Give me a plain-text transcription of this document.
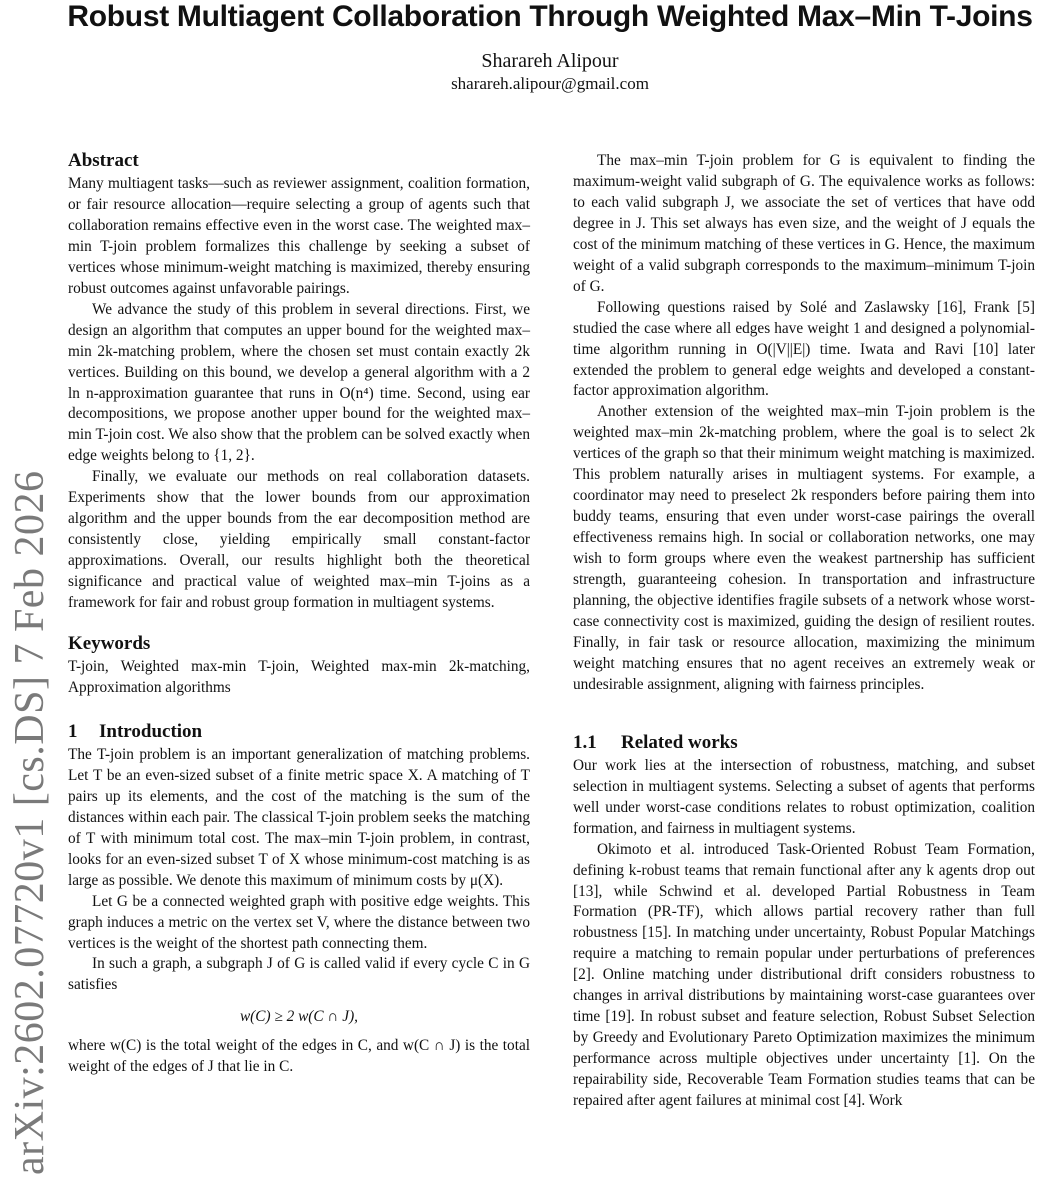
arXiv:2602.07720v1 [cs.DS] 7 Feb 2026
Robust Multiagent Collaboration Through Weighted Max–Min T-Joins
Sharareh Alipour
sharareh.alipour@gmail.com
Abstract

Many multiagent tasks—such as reviewer assignment, coalition formation, or fair resource allocation—require selecting a group of agents such that collaboration remains effective even in the worst case. The weighted max–min T-join problem formalizes this challenge by seeking a subset of vertices whose minimum-weight matching is maximized, thereby ensuring robust outcomes against unfavorable pairings.

We advance the study of this problem in several directions. First, we design an algorithm that computes an upper bound for the weighted max–min 2k-matching problem, where the chosen set must contain exactly 2k vertices. Building on this bound, we develop a general algorithm with a 2 ln n-approximation guarantee that runs in O(n⁴) time. Second, using ear decompositions, we propose another upper bound for the weighted max–min T-join cost. We also show that the problem can be solved exactly when edge weights belong to {1, 2}.

Finally, we evaluate our methods on real collaboration datasets. Experiments show that the lower bounds from our approximation algorithm and the upper bounds from the ear decomposition method are consistently close, yielding empirically small constant-factor approximations. Overall, our results highlight both the theoretical significance and practical value of weighted max–min T-joins as a framework for fair and robust group formation in multiagent systems.

Keywords

T-join, Weighted max-min T-join, Weighted max-min 2k-matching, Approximation algorithms

1 Introduction

The T-join problem is an important generalization of matching problems. Let T be an even-sized subset of a finite metric space X. A matching of T pairs up its elements, and the cost of the matching is the sum of the distances within each pair. The classical T-join problem seeks the matching of T with minimum total cost. The max–min T-join problem, in contrast, looks for an even-sized subset T of X whose minimum-cost matching is as large as possible. We denote this maximum of minimum costs by μ(X).

Let G be a connected weighted graph with positive edge weights. This graph induces a metric on the vertex set V, where the distance between two vertices is the weight of the shortest path connecting them.

In such a graph, a subgraph J of G is called valid if every cycle C in G satisfies

w(C) ≥ 2 w(C ∩ J),

where w(C) is the total weight of the edges in C, and w(C ∩ J) is the total weight of the edges of J that lie in C.

The max–min T-join problem for G is equivalent to finding the maximum-weight valid subgraph of G. The equivalence works as follows: to each valid subgraph J, we associate the set of vertices that have odd degree in J. This set always has even size, and the weight of J equals the cost of the minimum matching of these vertices in G. Hence, the maximum weight of a valid subgraph corresponds to the maximum–minimum T-join of G.

Following questions raised by Solé and Zaslawsky [16], Frank [5] studied the case where all edges have weight 1 and designed a polynomial-time algorithm running in O(|V||E|) time. Iwata and Ravi [10] later extended the problem to general edge weights and developed a constant-factor approximation algorithm.

Another extension of the weighted max–min T-join problem is the weighted max–min 2k-matching problem, where the goal is to select 2k vertices of the graph so that their minimum weight matching is maximized. This problem naturally arises in multiagent systems. For example, a coordinator may need to preselect 2k responders before pairing them into buddy teams, ensuring that even under worst-case pairings the overall effectiveness remains high. In social or collaboration networks, one may wish to form groups where even the weakest partnership has sufficient strength, guaranteeing cohesion. In transportation and infrastructure planning, the objective identifies fragile subsets of a network whose worst-case connectivity cost is maximized, guiding the design of resilient routes. Finally, in fair task or resource allocation, maximizing the minimum weight matching ensures that no agent receives an extremely weak or undesirable assignment, aligning with fairness principles.

1.1 Related works

Our work lies at the intersection of robustness, matching, and subset selection in multiagent systems. Selecting a subset of agents that performs well under worst-case conditions relates to robust optimization, coalition formation, and fairness in multiagent systems.

Okimoto et al. introduced Task-Oriented Robust Team Formation, defining k-robust teams that remain functional after any k agents drop out [13], while Schwind et al. developed Partial Robustness in Team Formation (PR-TF), which allows partial recovery rather than full robustness [15]. In matching under uncertainty, Robust Popular Matchings require a matching to remain popular under perturbations of preferences [2]. Online matching under distributional drift considers robustness to changes in arrival distributions by maintaining worst-case guarantees over time [19]. In robust subset and feature selection, Robust Subset Selection by Greedy and Evolutionary Pareto Optimization maximizes the minimum performance across multiple objectives under uncertainty [1]. On the repairability side, Recoverable Team Formation studies teams that can be repaired after agent failures at minimal cost [4]. Work
